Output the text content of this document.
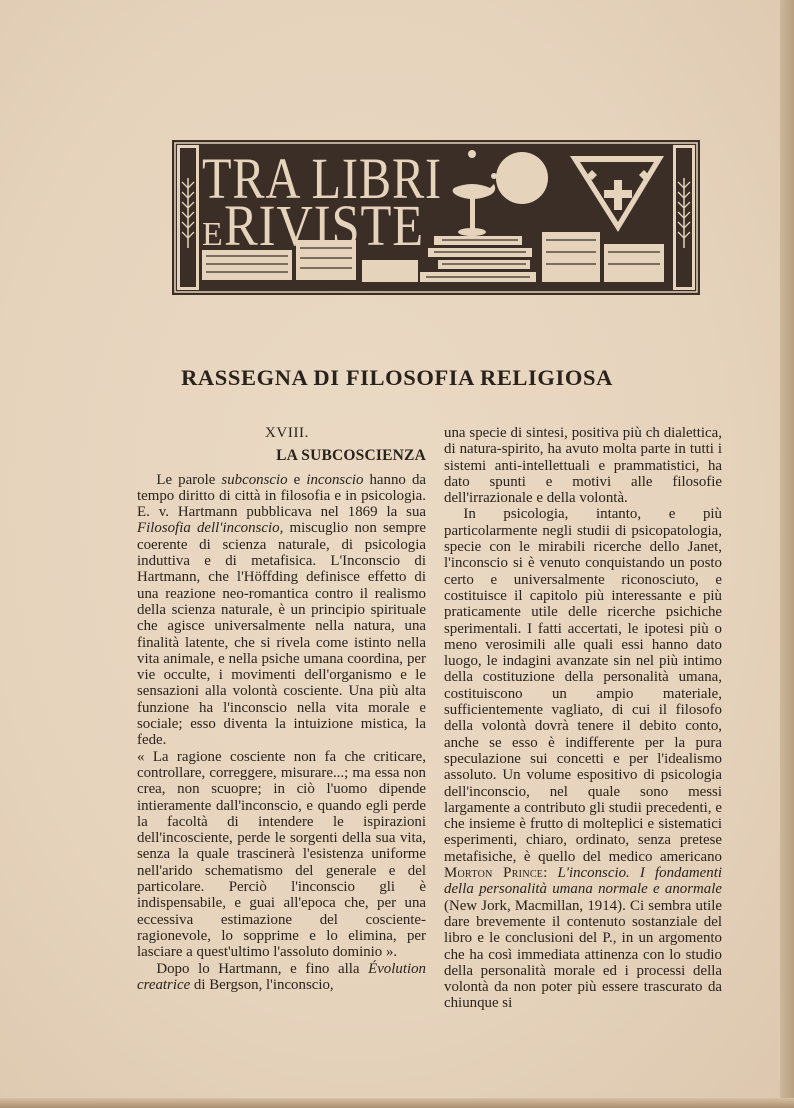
TRA LIBRI
E RIVISTE
RASSEGNA DI FILOSOFIA RELIGIOSA
XVIII.
LA SUBCOSCIENZA

Le parole subconscio e inconscio hanno da tempo diritto di città in filosofia e in psicologia. E. v. Hartmann pubblicava nel 1869 la sua Filosofia dell'inconscio, miscuglio non sempre coerente di scienza naturale, di psicologia induttiva e di metafisica. L'Inconscio di Hartmann, che l'Höffding definisce effetto di una reazione neo-romantica contro il realismo della scienza naturale, è un principio spirituale che agisce universalmente nella natura, una finalità latente, che si rivela come istinto nella vita animale, e nella psiche umana coordina, per vie occulte, i movimenti dell'organismo e le sensazioni alla volontà cosciente. Una più alta funzione ha l'inconscio nella vita morale e sociale; esso diventa la intuizione mistica, la fede.

« La ragione cosciente non fa che criticare, controllare, correggere, misurare...; ma essa non crea, non scuopre; in ciò l'uomo dipende intieramente dall'inconscio, e quando egli perde la facoltà di intendere le ispirazioni dell'incosciente, perde le sorgenti della sua vita, senza la quale trascinerà l'esistenza uniforme nell'arido schematismo del generale e del particolare. Perciò l'inconscio gli è indispensabile, e guai all'epoca che, per una eccessiva estimazione del cosciente-ragionevole, lo sopprime e lo elimina, per lasciare a quest'ultimo l'assoluto dominio ».

Dopo lo Hartmann, e fino alla Évolution creatrice di Bergson, l'inconscio,

una specie di sintesi, positiva più ch dialettica, di natura-spirito, ha avuto molta parte in tutti i sistemi anti-intellettuali e prammatistici, ha dato spunti e motivi alle filosofie dell'irrazionale e della volontà.

In psicologia, intanto, e più particolarmente negli studii di psicopatologia, specie con le mirabili ricerche dello Janet, l'inconscio si è venuto conquistando un posto certo e universalmente riconosciuto, e costituisce il capitolo più interessante e più praticamente utile delle ricerche psichiche sperimentali. I fatti accertati, le ipotesi più o meno verosimili alle quali essi hanno dato luogo, le indagini avanzate sin nel più intimo della costituzione della personalità umana, costituiscono un ampio materiale, sufficientemente vagliato, di cui il filosofo della volontà dovrà tenere il debito conto, anche se esso è indifferente per la pura speculazione sui concetti e per l'idealismo assoluto. Un volume espositivo di psicologia dell'inconscio, nel quale sono messi largamente a contributo gli studii precedenti, e che insieme è frutto di molteplici e sistematici esperimenti, chiaro, ordinato, senza pretese metafisiche, è quello del medico americano Morton Prince: L'inconscio. I fondamenti della personalità umana normale e anormale (New Jork, Macmillan, 1914). Ci sembra utile dare brevemente il contenuto sostanziale del libro e le conclusioni del P., in un argomento che ha così immediata attinenza con lo studio della personalità morale ed i processi della volontà da non poter più essere trascurato da chiunque si
